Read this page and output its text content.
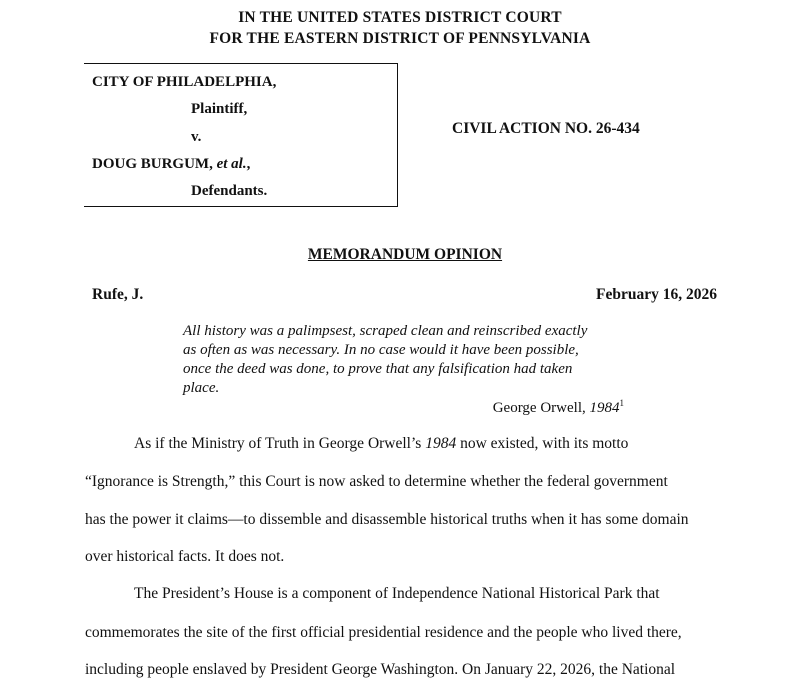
IN THE UNITED STATES DISTRICT COURT
FOR THE EASTERN DISTRICT OF PENNSYLVANIA
CITY OF PHILADELPHIA,
Plaintiff,
v.
DOUG BURGUM, et al.,
Defendants.
CIVIL ACTION NO. 26-434
MEMORANDUM OPINION
Rufe, J.	February 16, 2026
All history was a palimpsest, scraped clean and reinscribed exactly
as often as was necessary. In no case would it have been possible,
once the deed was done, to prove that any falsification had taken
place.
George Orwell, 1984$^1$
As if the Ministry of Truth in George Orwell’s 1984 now existed, with its motto
“Ignorance is Strength,” this Court is now asked to determine whether the federal government
has the power it claims—to dissemble and disassemble historical truths when it has some domain
over historical facts. It does not.
The President’s House is a component of Independence National Historical Park that
commemorates the site of the first official presidential residence and the people who lived there,
including people enslaved by President George Washington. On January 22, 2026, the National
